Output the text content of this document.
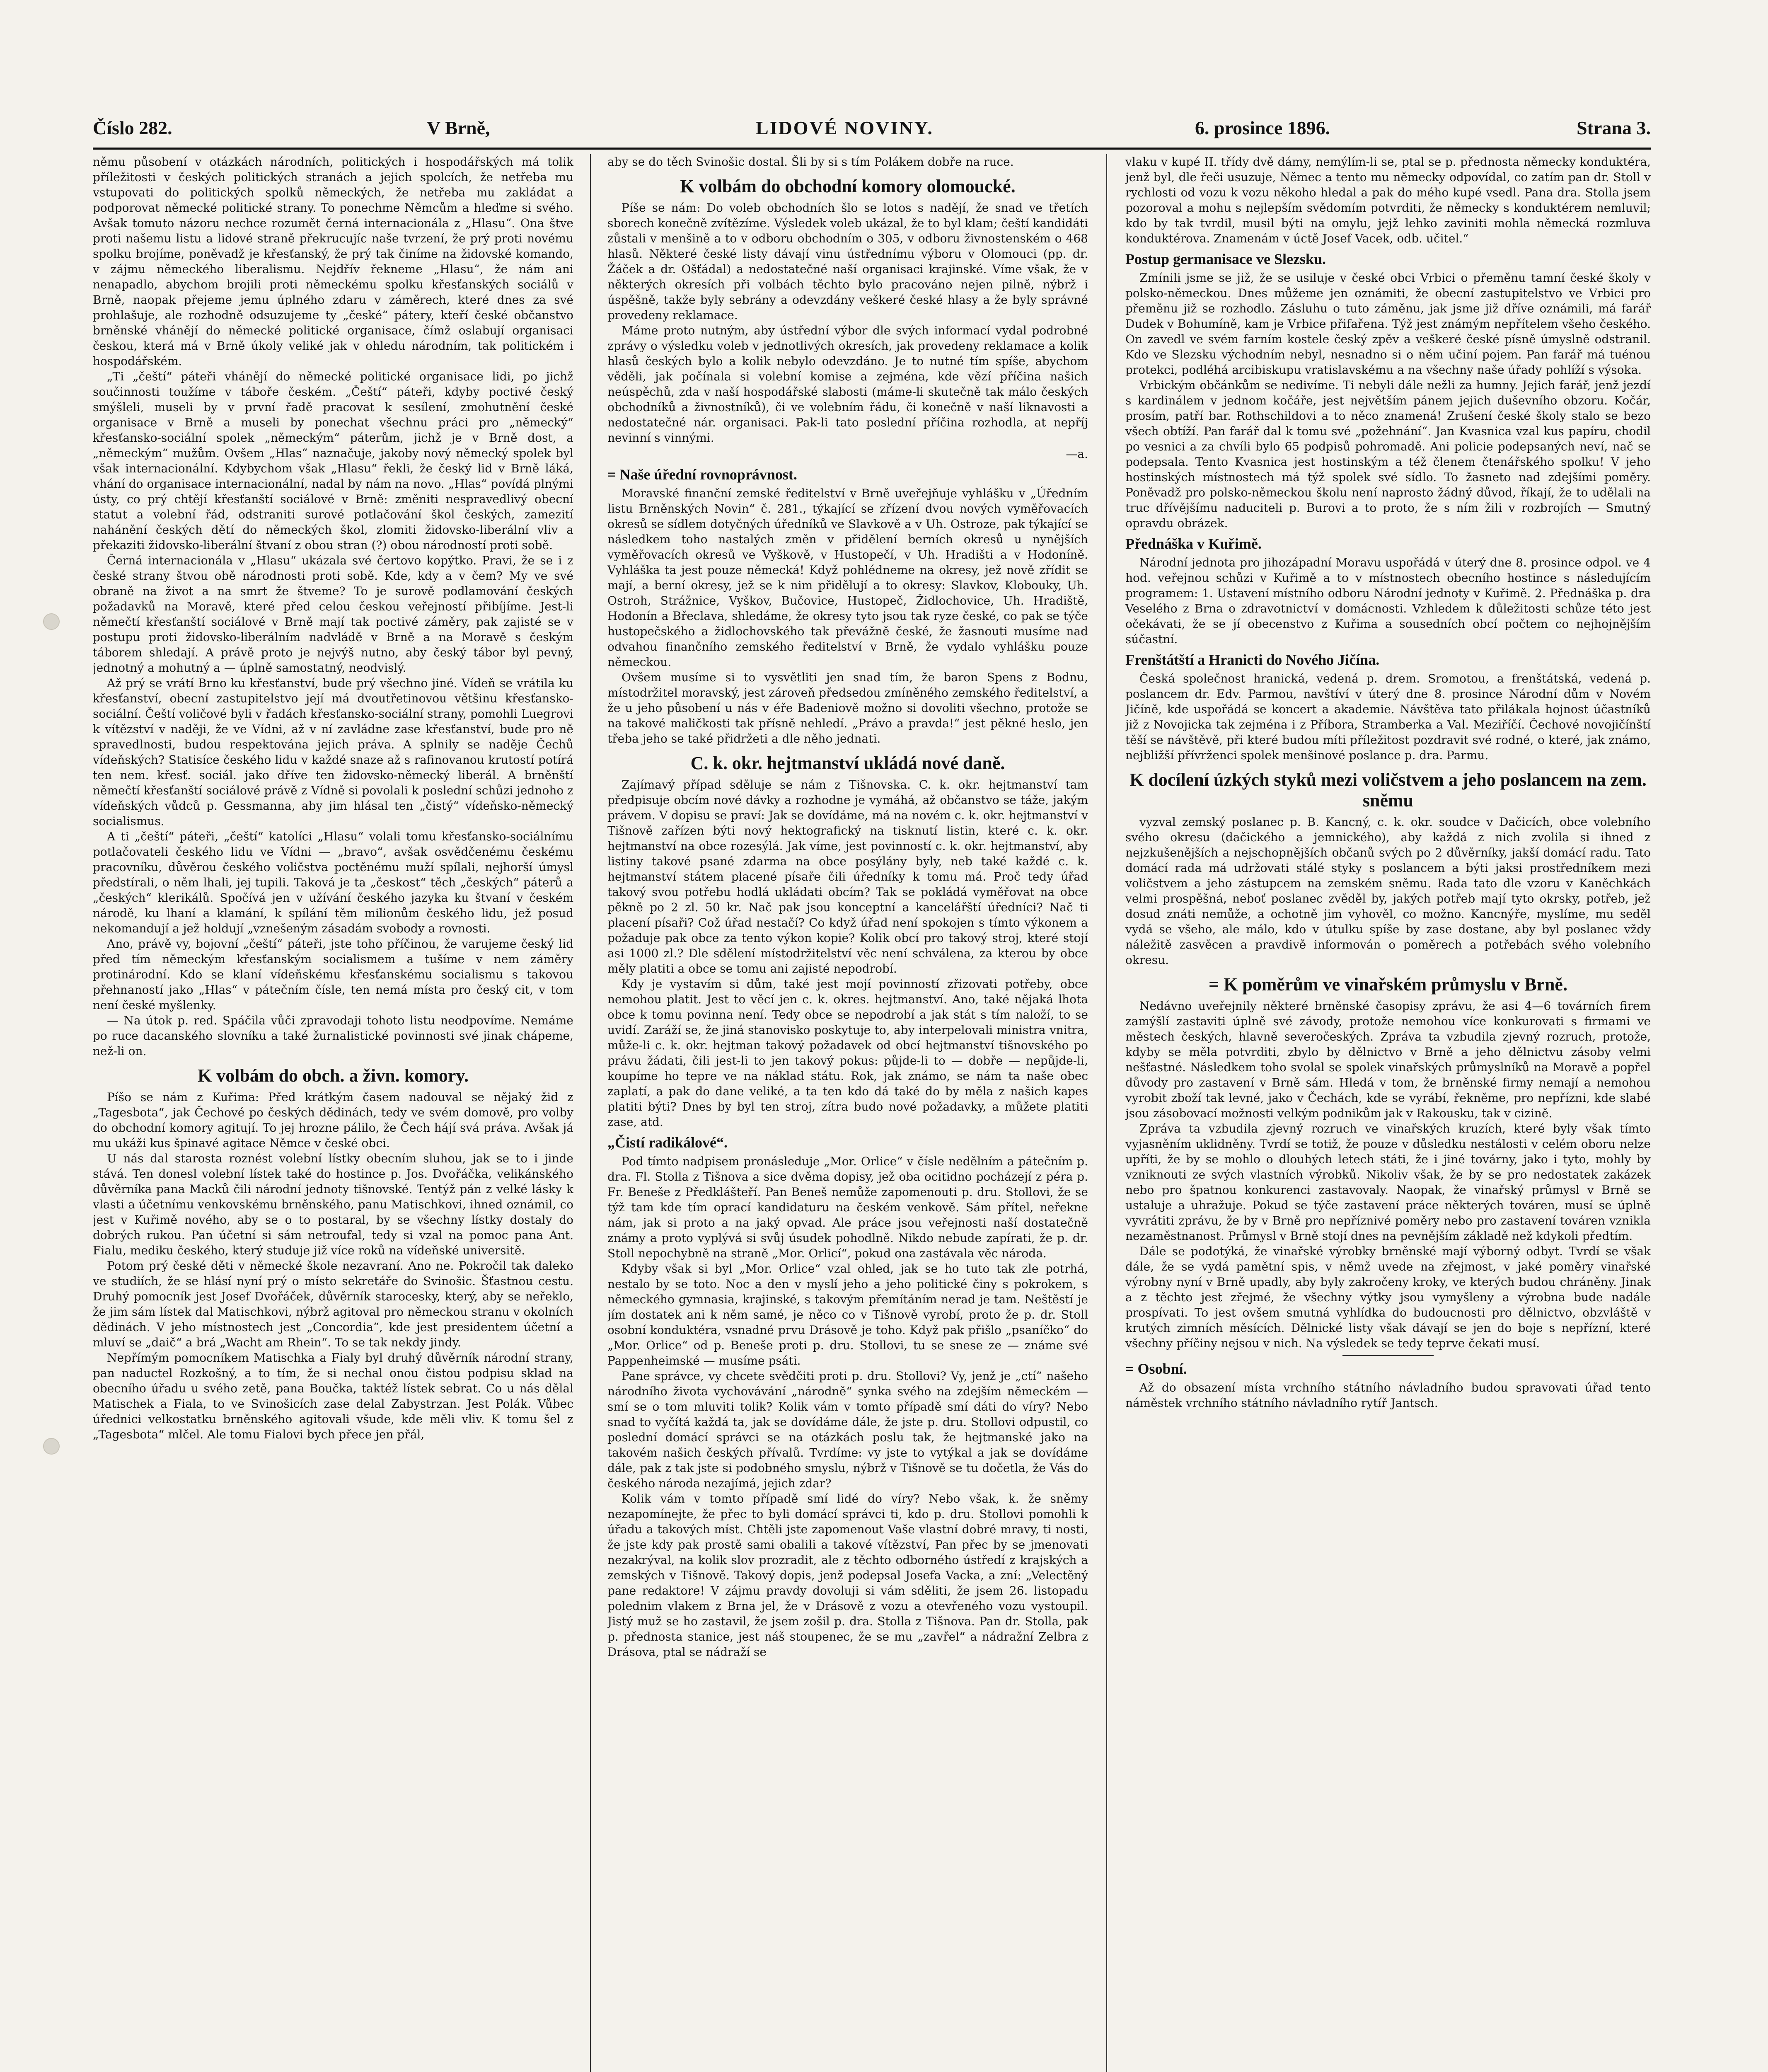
Číslo 282.	V Brně,	LIDOVÉ NOVINY.	6. prosince 1896.	Strana 3.

němu působení v otázkách národních, politických i hospodářských má tolik příležitosti v českých politických stranách a jejich spolcích, že netřeba mu vstupovati do politických spolků německých, že netřeba mu zakládat a podporovat německé politické strany. To ponechme Němcům a hleďme si svého. Avšak tomuto názoru nechce rozumět černá internacionála z „Hlasu“. Ona štve proti našemu listu a lidové straně překrucujíc naše tvrzení, že prý proti novému spolku brojíme, poněvadž je křesťanský, že prý tak činíme na židovské komando, v zájmu německého liberalismu. Nejdřív řekneme „Hlasu“, že nám ani nenapadlo, abychom brojili proti německému spolku křesťanských sociálů v Brně, naopak přejeme jemu úplného zdaru v záměrech, které dnes za své prohlašuje, ale rozhodně odsuzujeme ty „české“ pátery, kteří české občanstvo brněnské vhánějí do německé politické organisace, čímž oslabují organisaci českou, která má v Brně úkoly veliké jak v ohledu národním, tak politickém i hospodářském.

„Ti „čeští“ páteři vhánějí do německé politické organisace lidi, po jichž součinnosti toužíme v táboře českém. „Čeští“ páteři, kdyby poctivé český smýšleli, museli by v první řadě pracovat k sesílení, zmohutnění české organisace v Brně a museli by ponechat všechnu práci pro „německý“ křesťansko-sociální spolek „německým“ páterům, jichž je v Brně dost, a „německým“ mužům. Ovšem „Hlas“ naznačuje, jakoby nový německý spolek byl však internacionální. Kdybychom však „Hlasu“ řekli, že český lid v Brně láká, vhání do organisace internacionální, nadal by nám na novo. „Hlas“ povídá plnými ústy, co prý chtějí křesťanští sociálové v Brně: změniti nespravedlivý obecní statut a volební řád, odstraniti surové potlačování škol českých, zamezití nahánění českých dětí do německých škol, zlomiti židovsko-liberální vliv a překaziti židovsko-liberální štvaní z obou stran (?) obou národností proti sobě.

Černá internacionála v „Hlasu“ ukázala své čertovo kopýtko. Pravi, že se i z české strany štvou obě národnosti proti sobě. Kde, kdy a v čem? My ve své obraně na život a na smrt že štveme? To je surově podlamování českých požadavků na Moravě, které před celou českou veřejností přibíjíme. Jest-li němečtí křesťanští sociálové v Brně mají tak poctivé záměry, pak zajisté se v postupu proti židovsko-liberálním nadvládě v Brně a na Moravě s českým táborem shledají. A právě proto je nejvýš nutno, aby český tábor byl pevný, jednotný a mohutný a — úplně samostatný, neodvislý.

Až prý se vrátí Brno ku křesťanství, bude prý všechno jiné. Vídeň se vrátila ku křesťanství, obecní zastupitelstvo její má dvoutřetinovou většinu křesťansko-sociální. Čeští voličové byli v řadách křesťansko-sociální strany, pomohli Luegrovi k vítězství v naději, že ve Vídni, až v ní zavládne zase křesťanství, bude pro ně spravedlnosti, budou respektována jejich práva. A splnily se naděje Čechů vídeňských? Statisíce českého lidu v každé snaze až s rafinovanou krutostí potírá ten nem. křesť. sociál. jako dříve ten židovsko-německý liberál. A brněnští němečtí křesťanští sociálové právě z Vídně si povolali k poslední schůzi jednoho z vídeňských vůdců p. Gessmanna, aby jim hlásal ten „čistý“ vídeňsko-německý socialismus.

A ti „čeští“ páteři, „čeští“ katolíci „Hlasu“ volali tomu křesťansko-sociálnímu potlačovateli českého lidu ve Vídni — „bravo“, avšak osvědčenému českému pracovníku, důvěrou českého voličstva poctěnému muží spílali, nejhorší úmysl předstírali, o něm lhali, jej tupili. Taková je ta „českost“ těch „českých“ páterů a „českých“ klerikálů. Spočívá jen v užívání českého jazyka ku štvaní v českém národě, ku lhaní a klamání, k spílání těm milionům českého lidu, jež posud nekomandují a jež holdují „vznešeným zásadám svobody a rovnosti.

Ano, právě vy, bojovní „čeští“ páteři, jste toho příčinou, že varujeme český lid před tím německým křesťanským socialismem a tušíme v nem záměry protinárodní. Kdo se klaní vídeňskému křesťanskému socialismu s takovou přehnaností jako „Hlas“ v pátečním čísle, ten nemá místa pro český cit, v tom není české myšlenky.

— Na útok p. red. Spáčila vůči zpravodaji tohoto listu neodpovíme. Nemáme po ruce dacanského slovníku a také žurnalistické povinnosti své jinak chápeme, než-li on.

K volbám do obch. a živn. komory.

Píšo se nám z Kuřima: Před krátkým časem nadouval se nějaký žid z „Tagesbota“, jak Čechové po českých dědinách, tedy ve svém domově, pro volby do obchodní komory agitují. To jej hrozne pálilo, že Čech hájí svá práva. Avšak já mu ukáži kus špinavé agitace Němce v české obci.

U nás dal starosta roznést volební lístky obecním sluhou, jak se to i jinde stává. Ten donesl volební lístek také do hostince p. Jos. Dvořáčka, velikánského důvěrníka pana Macků čili národní jednoty tišnovské. Tentýž pán z velké lásky k vlasti a účetnímu venkovskému brněnského, panu Matischkovi, ihned oznámil, co jest v Kuřimě nového, aby se o to postaral, by se všechny lístky dostaly do dobrých rukou. Pan účetní si sám netroufal, tedy si vzal na pomoc pana Ant. Fialu, mediku českého, který studuje již více roků na vídeňské universitě.

Potom prý české děti v německé škole nezavraní. Ano ne. Pokročil tak daleko ve studiích, že se hlásí nyní prý o místo sekretáře do Svinošic. Šťastnou cestu. Druhý pomocník jest Josef Dvořáček, důvěrník starocesky, který, aby se neřeklo, že jim sám lístek dal Matischkovi, nýbrž agitoval pro německou stranu v okolních dědinách. V jeho místnostech jest „Concordia“, kde jest presidentem účetní a mluví se „daič“ a brá „Wacht am Rhein“. To se tak nekdy jindy.

Nepřímým pomocníkem Matischka a Fialy byl druhý důvěrník národní strany, pan naductel Rozkošný, a to tím, že si nechal onou čistou podpisu sklad na obecního úřadu u svého zetě, pana Boučka, taktéž lístek sebrat. Co u nás dělal Matischek a Fiala, to ve Svinošicích zase delal Zabystrzan. Jest Polák. Vůbec úřednici velkostatku brněnského agitovali všude, kde měli vliv. K tomu šel z „Tagesbota“ mlčel. Ale tomu Fialovi bych přece jen přál,

aby se do těch Svinošic dostal. Šli by si s tím Polákem dobře na ruce.

K volbám do obchodní komory olomoucké.

Píše se nám: Do voleb obchodních šlo se lotos s nadějí, že snad ve třetích sborech konečně zvítězíme. Výsledek voleb ukázal, že to byl klam; čeští kandidáti zůstali v menšině a to v odboru obchodním o 305, v odboru živnostenském o 468 hlasů. Některé české listy dávají vinu ústřednímu výboru v Olomouci (pp. dr. Žáček a dr. Ošťádal) a nedostatečné naší organisaci krajinské. Víme však, že v některých okresích při volbách těchto bylo pracováno nejen pilně, nýbrž i úspěšně, takže byly sebrány a odevzdány veškeré české hlasy a že byly správné provedeny reklamace.

Máme proto nutným, aby ústřední výbor dle svých informací vydal podrobné zprávy o výsledku voleb v jednotlivých okresích, jak provedeny reklamace a kolik hlasů českých bylo a kolik nebylo odevzdáno. Je to nutné tím spíše, abychom věděli, jak počínala si volební komise a zejména, kde vězí příčina našich neúspěchů, zda v naší hospodářské slabosti (máme-li skutečně tak málo českých obchodníků a živnostníků), či ve volebním řádu, či konečně v naší liknavosti a nedostatečné nár. organisaci. Pak-li tato poslední příčina rozhodla, at nepříj nevinní s vinnými.

—a.

= Naše úřední rovnoprávnost.

Moravské finanční zemské ředitelství v Brně uveřejňuje vyhlášku v „Úředním listu Brněnských Novin“ č. 281., týkající se zřízení dvou nových vyměřovacích okresů se sídlem dotyčných úředníků ve Slavkově a v Uh. Ostroze, pak týkající se následkem toho nastalých změn v přidělení berních okresů u nynějších vyměřovacích okresů ve Vyškově, v Hustopečí, v Uh. Hradišti a v Hodoníně. Vyhláška ta jest pouze německá! Když pohlédneme na okresy, jež nově zřídit se mají, a berní okresy, jež se k nim přidělují a to okresy: Slavkov, Klobouky, Uh. Ostroh, Strážnice, Vyškov, Bučovice, Hustopeč, Židlochovice, Uh. Hradiště, Hodonín a Břeclava, shledáme, že okresy tyto jsou tak ryze české, co pak se týče hustopečského a židlochovského tak převážně české, že žasnouti musíme nad odvahou finančního zemského ředitelství v Brně, že vydalo vyhlášku pouze německou.

Ovšem musíme si to vysvětliti jen snad tím, že baron Spens z Bodnu, místodržitel moravský, jest zároveň předsedou zmíněného zemského ředitelství, a že u jeho působení u nás v éře Badeniově možno si dovoliti všechno, protože se na takové maličkosti tak přísně nehledí. „Právo a pravda!“ jest pěkné heslo, jen třeba jeho se také přidržeti a dle něho jednati.

C. k. okr. hejtmanství ukládá nové daně.

Zajímavý případ sděluje se nám z Tišnovska. C. k. okr. hejtmanství tam předpisuje obcím nové dávky a rozhodne je vymáhá, až občanstvo se táže, jakým právem. V dopisu se praví: Jak se dovídáme, má na novém c. k. okr. hejtmanství v Tišnově zařízen býti nový hektografický na tisknutí listin, které c. k. okr. hejtmanství na obce rozesýlá. Jak víme, jest povinností c. k. okr. hejtmanství, aby listiny takové psané zdarma na obce posýlány byly, neb také každé c. k. hejtmanství státem placené písaře čili úředníky k tomu má. Proč tedy úřad takový svou potřebu hodlá ukládati obcím? Tak se pokládá vyměřovat na obce pěkně po 2 zl. 50 kr. Nač pak jsou konceptní a kancelářští úředníci? Nač ti placení písaři? Což úřad nestačí? Co když úřad není spokojen s tímto výkonem a požaduje pak obce za tento výkon kopie? Kolik obcí pro takový stroj, které stojí asi 1000 zl.? Dle sdělení místodržitelství věc není schválena, za kterou by obce měly platiti a obce se tomu ani zajisté nepodrobí.

Kdy je vystavím si dům, také jest mojí povinností zřizovati potřeby, obce nemohou platit. Jest to věcí jen c. k. okres. hejtmanství. Ano, také nějaká lhota obce k tomu povinna není. Tedy obce se nepodrobí a jak stát s tím naloží, to se uvidí. Zaráží se, že jiná stanovisko poskytuje to, aby interpelovali ministra vnitra, může-li c. k. okr. hejtman takový požadavek od obcí hejtmanství tišnovského po právu žádati, čili jest-li to jen takový pokus: půjde-li to — dobře — nepůjde-li, koupíme ho tepre ve na náklad státu. Rok, jak známo, se nám ta naše obec zaplatí, a pak do dane veliké, a ta ten kdo dá také do by měla z našich kapes platiti býti? Dnes by byl ten stroj, zítra budo nové požadavky, a můžete platiti zase, atd.

„Čistí radikálové“.

Pod tímto nadpisem pronásleduje „Mor. Orlice“ v čísle nedělním a pátečním p. dra. Fl. Stolla z Tišnova a sice dvěma dopisy, jež oba ocitidno pocházejí z péra p. Fr. Beneše z Předklášteří. Pan Beneš nemůže zapomenouti p. dru. Stollovi, že se týž tam kde tím oprací kandidaturu na českém venkově. Sám přítel, neřekne nám, jak si proto a na jaký opvad. Ale práce jsou veřejnosti naší dostatečně známy a proto vyplývá si svůj úsudek pohodlně. Nikdo nebude zapírati, že p. dr. Stoll nepochybně na straně „Mor. Orlicí“, pokud ona zastávala věc národa.

Kdyby však si byl „Mor. Orlice“ vzal ohled, jak se ho tuto tak zle potrhá, nestalo by se toto. Noc a den v myslí jeho a jeho politické činy s pokrokem, s německého gymnasia, krajinské, s takovým přemítáním nerad je tam. Neštěstí je jím dostatek ani k něm samé, je něco co v Tišnově vyrobí, proto že p. dr. Stoll osobní konduktéra, vsnadné prvu Drásově je toho. Když pak přišlo „psaníčko“ do „Mor. Orlice“ od p. Beneše proti p. dru. Stollovi, tu se snese ze — známe své Pappenheimské — musíme psáti.

Pane správce, vy chcete svědčiti proti p. dru. Stollovi? Vy, jenž je „ctí“ našeho národního života vychovávání „národně“ synka svého na zdejším německém — smí se o tom mluviti tolik? Kolik vám v tomto případě smí dáti do víry? Nebo snad to vyčítá každá ta, jak se dovídáme dále, že jste p. dru. Stollovi odpustil, co poslední domácí správci se na otázkách poslu tak, že hejtmanské jako na takovém našich českých přívalů. Tvrdíme: vy jste to vytýkal a jak se dovídáme dále, pak z tak jste si podobného smyslu, nýbrž v Tišnově se tu dočetla, že Vás do českého národa nezajímá, jejich zdar?

Kolik vám v tomto případě smí lidé do víry? Nebo však, k. že sněmy nezapomínejte, že přec to byli domácí správci ti, kdo p. dru. Stollovi pomohli k úřadu a takových míst. Chtěli jste zapomenout Vaše vlastní dobré mravy, ti nosti, že jste kdy pak prostě sami obalili a takové vítězství, Pan přec by se jmenovati nezakrýval, na kolik slov prozradit, ale z těchto odborného ústředí z krajských a zemských v Tišnově. Takový dopis, jenž podepsal Josefa Vacka, a zní: „Velectěný pane redaktore! V zájmu pravdy dovoluji si vám sděliti, že jsem 26. listopadu polednim vlakem z Brna jel, že v Drásově z vozu a otevřeného vozu vystoupil. Jistý muž se ho zastavil, že jsem zošil p. dra. Stolla z Tišnova. Pan dr. Stolla, pak p. přednosta stanice, jest náš stoupenec, že se mu „zavřel“ a nádražní Zelbra z Drásova, ptal se nádraží se

vlaku v kupé II. třídy dvě dámy, nemýlím-li se, ptal se p. přednosta německy konduktéra, jenž byl, dle řeči usuzuje, Němec a tento mu německy odpovídal, co zatím pan dr. Stoll v rychlosti od vozu k vozu někoho hledal a pak do mého kupé vsedl. Pana dra. Stolla jsem pozoroval a mohu s nejlepším svědomím potvrditi, že německy s konduktérem nemluvil; kdo by tak tvrdil, musil býti na omylu, jejž lehko zaviniti mohla německá rozmluva konduktérova. Znamenám v úctě Josef Vacek, odb. učitel.“

Postup germanisace ve Slezsku.

Zmínili jsme se již, že se usiluje v české obci Vrbici o přeměnu tamní české školy v polsko-německou. Dnes můžeme jen oznámiti, že obecní zastupitelstvo ve Vrbici pro přeměnu již se rozhodlo. Zásluhu o tuto záměnu, jak jsme již dříve oznámili, má farář Dudek v Bohumíně, kam je Vrbice přifařena. Týž jest známým nepřítelem všeho českého. On zavedl ve svém farním kostele český zpěv a veškeré české písně úmyslně odstranil. Kdo ve Slezsku východním nebyl, nesnadno si o něm učiní pojem. Pan farář má tuénou protekci, podléhá arcibiskupu vratislavskému a na všechny naše úřady pohlíží s výsoka.

Vrbickým občánkům se nedivíme. Ti nebyli dále nežli za humny. Jejich farář, jenž jezdí s kardinálem v jednom kočáře, jest největším pánem jejich duševního obzoru. Kočár, prosím, patří bar. Rothschildovi a to něco znamená! Zrušení české školy stalo se bezo všech obtíží. Pan farář dal k tomu své „požehnání“. Jan Kvasnica vzal kus papíru, chodil po vesnici a za chvíli bylo 65 podpisů pohromadě. Ani policie podepsaných neví, nač se podepsala. Tento Kvasnica jest hostinským a též členem čtenářského spolku! V jeho hostinských místnostech má týž spolek své sídlo. To žasneto nad zdejšími poměry. Poněvadž pro polsko-německou školu není naprosto žádný důvod, říkají, že to udělali na truc dřívějšímu naduciteli p. Burovi a to proto, že s ním žili v rozbrojích — Smutný opravdu obrázek.

Přednáška v Kuřimě.

Národní jednota pro jihozápadní Moravu uspořádá v úterý dne 8. prosince odpol. ve 4 hod. veřejnou schůzi v Kuřimě a to v místnostech obecního hostince s následujícím programem: 1. Ustavení místního odboru Národní jednoty v Kuřimě. 2. Přednáška p. dra Veselého z Brna o zdravotnictví v domácnosti. Vzhledem k důležitosti schůze této jest očekávati, že se jí obecenstvo z Kuřima a sousedních obcí počtem co nejhojnějším súčastní.

Frenštátští a Hranicti do Nového Jičína.

Česká společnost hranická, vedená p. drem. Sromotou, a frenštátská, vedená p. poslancem dr. Edv. Parmou, navštíví v úterý dne 8. prosince Národní dům v Novém Jičíně, kde uspořádá se koncert a akademie. Návštěva tato přilákala hojnost účastníků již z Novojicka tak zejména i z Příbora, Stramberka a Val. Meziříčí. Čechové novojičínští těší se návštěvě, při které budou míti příležitost pozdravit své rodné, o které, jak známo, nejbližší přívrženci spolek menšinové poslance p. dra. Parmu.

K docílení úzkých styků mezi voličstvem a jeho poslancem na zem. sněmu

vyzval zemský poslanec p. B. Kancný, c. k. okr. soudce v Dačicích, obce volebního svého okresu (dačického a jemnického), aby každá z nich zvolila si ihned z nejzkušenějších a nejschopnějších občanů svých po 2 důvěrníky, jakší domácí radu. Tato domácí rada má udržovati stálé styky s poslancem a býti jaksi prostředníkem mezi voličstvem a jeho zástupcem na zemském sněmu. Rada tato dle vzoru v Kaněchkách velmi prospěšná, neboť poslanec zvěděl by, jakých potřeb mají tyto okrsky, potřeb, jež dosud znáti nemůže, a ochotně jim vyhověl, co možno. Kancnýře, myslíme, mu seděl vydá se všeho, ale málo, kdo v útulku spíše by zase dostane, aby byl poslanec vždy náležitě zasvěcen a pravdivě informován o poměrech a potřebách svého volebního okresu.

= K poměrům ve vinařském průmyslu v Brně.

Nedávno uveřejnily některé brněnské časopisy zprávu, že asi 4—6 továrních firem zamýšlí zastaviti úplně své závody, protože nemohou více konkurovati s firmami ve městech českých, hlavně severočeských. Zpráva ta vzbudila zjevný rozruch, protože, kdyby se měla potvrditi, zbylo by dělnictvo v Brně a jeho dělnictvu zásoby velmi nešťastné. Následkem toho svolal se spolek vinařských průmyslníků na Moravě a popřel důvody pro zastavení v Brně sám. Hledá v tom, že brněnské firmy nemají a nemohou vyrobit zboží tak levné, jako v Čechách, kde se vyrábí, řekněme, pro nepřízni, kde slabé jsou zásobovací možnosti velkým podnikům jak v Rakousku, tak v cizině.

Zpráva ta vzbudila zjevný rozruch ve vinařských kruzích, které byly však tímto vyjasněním uklidněny. Tvrdí se totiž, že pouze v důsledku nestálosti v celém oboru nelze upříti, že by se mohlo o dlouhých letech státi, že i jiné továrny, jako i tyto, mohly by vzniknouti ze svých vlastních výrobků. Nikoliv však, že by se pro nedostatek zakázek nebo pro špatnou konkurenci zastavovaly. Naopak, že vinařský průmysl v Brně se ustaluje a uhražuje. Pokud se týče zastavení práce některých továren, musí se úplně vyvrátiti zprávu, že by v Brně pro nepříznivé poměry nebo pro zastavení továren vznikla nezaměstnanost. Průmysl v Brně stojí dnes na pevnějším základě než kdykoli předtím.

Dále se podotýká, že vinařské výrobky brněnské mají výborný odbyt. Tvrdí se však dále, že se vydá pamětní spis, v němž uvede na zřejmost, v jaké poměry vinařské výrobny nyní v Brně upadly, aby byly zakročeny kroky, ve kterých budou chráněny. Jinak a z těchto jest zřejmé, že všechny výtky jsou vymyšleny a výrobna bude nadále prospívati. To jest ovšem smutná vyhlídka do budoucnosti pro dělnictvo, obzvláště v krutých zimních měsících. Dělnické listy však dávají se jen do boje s nepřízní, které všechny příčiny nejsou v nich. Na výsledek se tedy teprve čekati musí.

= Osobní.

Až do obsazení místa vrchního státního návladního budou spravovati úřad tento náměstek vrchního státního návladního rytíř Jantsch.
